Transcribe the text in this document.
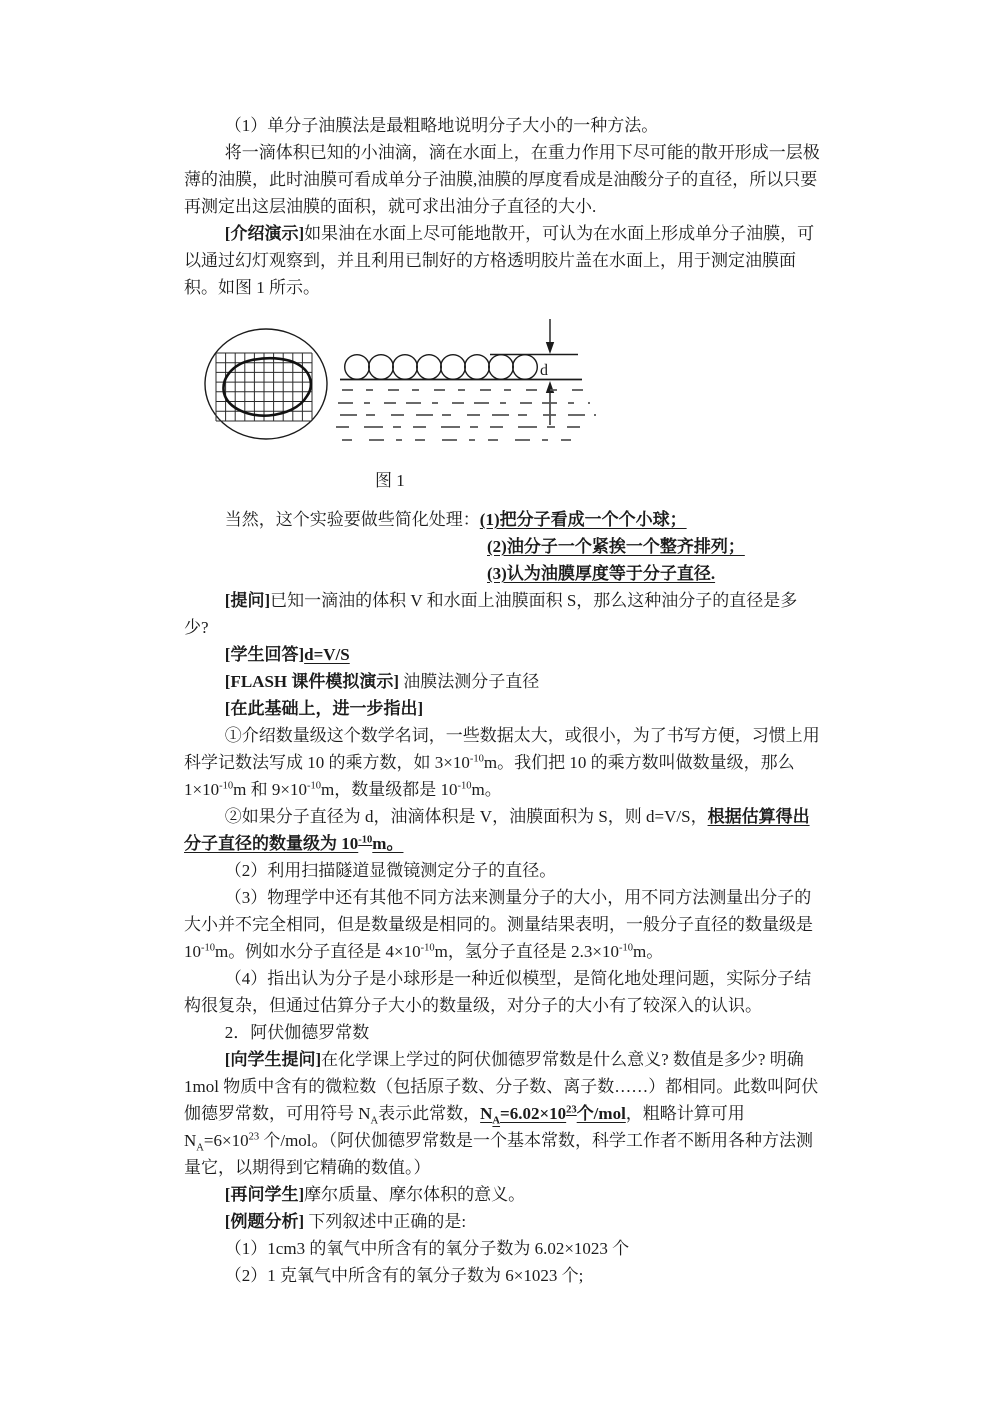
（1）单分子油膜法是最粗略地说明分子大小的一种方法。

将一滴体积已知的小油滴，滴在水面上，在重力作用下尽可能的散开形成一层极薄的油膜，此时油膜可看成单分子油膜,油膜的厚度看成是油酸分子的直径，所以只要再测定出这层油膜的面积，就可求出油分子直径的大小.

[介绍演示]如果油在水面上尽可能地散开，可认为在水面上形成单分子油膜，可以通过幻灯观察到，并且利用已制好的方格透明胶片盖在水面上，用于测定油膜面积。如图 1 所示。

d

图 1

当然，这个实验要做些简化处理：(1)把分子看成一个个小球；

(2)油分子一个紧挨一个整齐排列；

(3)认为油膜厚度等于分子直径.

[提问]已知一滴油的体积 V 和水面上油膜面积 S，那么这种油分子的直径是多少?

[学生回答]d=V/S

[FLASH 课件模拟演示] 油膜法测分子直径

[在此基础上，进一步指出]

①介绍数量级这个数学名词，一些数据太大，或很小，为了书写方便，习惯上用科学记数法写成 10 的乘方数，如 $3\times 10^{-10}m$。我们把 10 的乘方数叫做数量级，那么 $1\times 10^{-10}m$ 和 $9\times 10^{-10}m$，数量级都是 $10^{-10}m$。

②如果分子直径为 d，油滴体积是 V，油膜面积为 S，则 d=V/S，根据估算得出分子直径的数量级为 $10^{-10}m$。

（2）利用扫描隧道显微镜测定分子的直径。

（3）物理学中还有其他不同方法来测量分子的大小，用不同方法测量出分子的大小并不完全相同，但是数量级是相同的。测量结果表明，一般分子直径的数量级是 $10^{-10}m$。例如水分子直径是 $4\times 10^{-10}m$，氢分子直径是 $2.3\times 10^{-10}m$。

（4）指出认为分子是小球形是一种近似模型，是简化地处理问题，实际分子结构很复杂，但通过估算分子大小的数量级，对分子的大小有了较深入的认识。

2．阿伏伽德罗常数

[向学生提问]在化学课上学过的阿伏伽德罗常数是什么意义? 数值是多少? 明确 1mol 物质中含有的微粒数（包括原子数、分子数、离子数……）都相同。此数叫阿伏伽德罗常数，可用符号 $N_A$表示此常数，$N_A=6.02\times 10^{23}$个/mol，粗略计算可用 $N_A=6\times 10^{23}$ 个/mol。（阿伏伽德罗常数是一个基本常数，科学工作者不断用各种方法测量它，以期得到它精确的数值。）

[再问学生]摩尔质量、摩尔体积的意义。

[例题分析] 下列叙述中正确的是:

（1）1cm3 的氧气中所含有的氧分子数为 6.02×1023 个

（2）1 克氧气中所含有的氧分子数为 6×1023 个;
